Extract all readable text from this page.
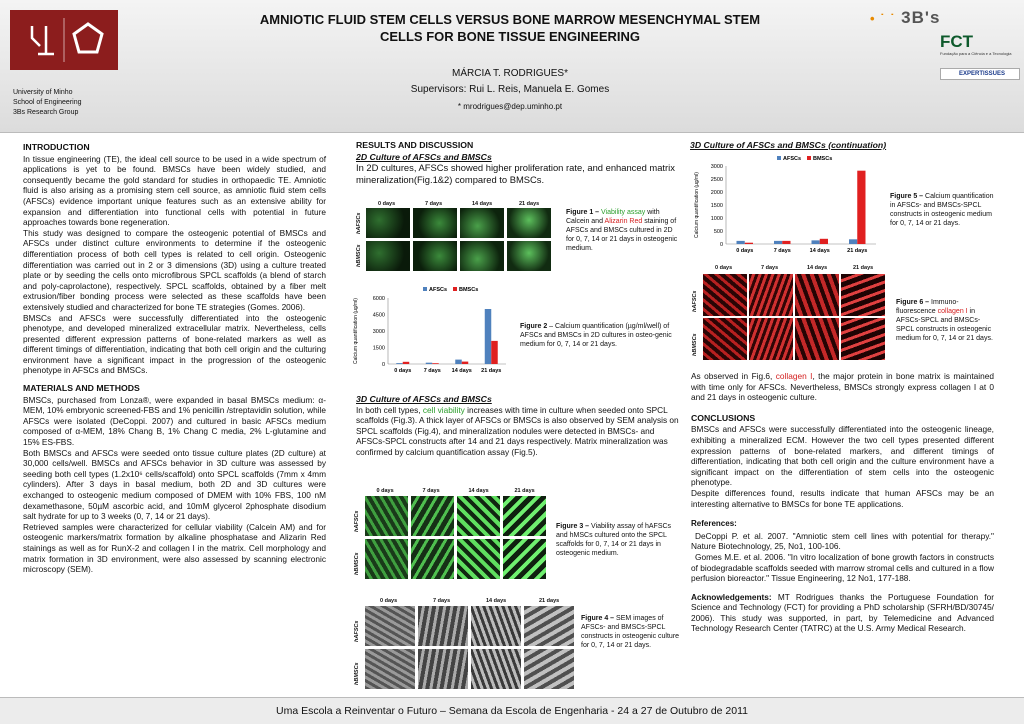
University of Minho
School of Engineering
3Bs Research Group
AMNIOTIC FLUID STEM CELLS VERSUS BONE MARROW MESENCHYMAL STEM
CELLS FOR BONE TISSUE ENGINEERING
MÁRCIA T. RODRIGUES*
Supervisors: Rui L. Reis, Manuela E. Gomes
* mrodrigues@dep.uminho.pt
• ˙ ˙ 3B's
FCT
Fundação para a Ciência e a Tecnologia
EXPERTISSUES
INTRODUCTION

In tissue engineering (TE), the ideal cell source to be used in a wide spectrum of applications is yet to be found. BMSCs have been widely studied, and consequently became the gold standard for studies in orthopaedic TE. Amniotic fluid is also arising as a promising stem cell source, as amniotic fluid stem cells (AFSCs) evidence important unique features such as an extensive ability for expansion and differentiation into functional cells with potential in future approaches towards bone regeneration.

This study was designed to compare the osteogenic potential of BMSCs and AFSCs under distinct culture environments to determine if the osteogenic differentiation process of both cell types is related to cell origin. Osteogenic differentiation was carried out in 2 or 3 dimensions (3D) using a culture treated plate or by seeding the cells onto microfibrous SPCL scaffolds (a blend of starch and poly-caprolactone), respectively. SPCL scaffolds, obtained by a fiber melt extrusion/fiber bonding process were selected as these scaffolds have been extensively studied and characterized for bone TE strategies (Gomes. 2006).

BMSCs and AFSCs were successfully differentiated into the osteogenic phenotype, and developed mineralized extracellular matrix. Nevertheless, cells presented different expression patterns of bone-related markers as well as different timings of differentiation, indicating that both cell origin and the culturing environment have a significant impact in the progression of the osteogenic phenotype in AFSCs and BMSCs.

MATERIALS AND METHODS

BMSCs, purchased from Lonza®, were expanded in basal BMSCs medium: α-MEM, 10% embryonic screened-FBS and 1% penicillin /streptavidin solution, while AFSCs were isolated (DeCoppi. 2007) and cultured in basic AFSCs medium composed of α-MEM, 18% Chang B, 1% Chang C media, 2% L-glutamine and 15% ES-FBS.

Both BMSCs and AFSCs were seeded onto tissue culture plates (2D culture) at 30,000 cells/well. BMSCs and AFSCs behavior in 3D culture was assessed by seeding both cell types (1.2x10⁶ cells/scaffold) onto SPCL scaffolds (7mm x 4mm cylinders). After 3 days in basal medium, both 2D and 3D cultures were exchanged to osteogenic medium composed of DMEM with 10% FBS, 100 nM dexamethasone, 50µM ascorbic acid, and 10mM glycerol 2phosphate disodium salt hydrate for up to 3 weeks (0, 7, 14 or 21 days).

Retrieved samples were characterized for cellular viability (Calcein AM) and for osteogenic markers/matrix formation by alkaline phosphatase and Alizarin Red stainings as well as for RunX-2 and collagen I in the matrix. Cell morphology and matrix formation in 3D environment, were also assessed by scanning electronic microscopy (SEM).

RESULTS AND DISCUSSION
2D Culture of AFSCs and BMSCs

In 2D cultures, AFSCs showed higher proliferation rate, and enhanced matrix mineralization(Fig.1&2) compared to BMSCs.

0 days	7 days	14 days	21 days
hAFSCs
hBMSCs
Figure 1 – Viability assay with Calcein and Alizarin Red staining of AFSCs and BMSCs cultured in 2D for 0, 7, 14 or 21 days in osteogenic medium.
0
1500
3000
4500
6000
0 days 7 days 14 days 21 days
AFSCs BMSCs
Calcium quantification (µg/ml)	Figure 2 – Calcium quantification (µg/ml/well) of AFSCs and BMSCs in 2D cultures in osteo-genic medium for 0, 7, 14 or 21 days.
3D Culture of AFSCs and BMSCs

In both cell types, cell viability increases with time in culture when seeded onto SPCL scaffolds (Fig.3). A thick layer of AFSCs or BMSCs is also observed by SEM analysis on SPCL scaffolds (Fig.4), and mineralization nodules were detected in BMSCs- and AFSCs-SPCL constructs after 14 and 21 days respectively. Matrix mineralization was confirmed by calcium quantification assay (Fig.5).

0 days	7 days	14 days	21 days
hAFSCs
hBMSCs
Figure 3 – Viability assay of hAFSCs and hMSCs cultured onto the SPCL scaffolds for 0, 7, 14 or 21 days in osteogenic medium.
0 days	7 days	14 days	21 days
hAFSCs
hBMSCs
Figure 4 – SEM images of AFSCs- and BMSCs-SPCL constructs in osteogenic culture for 0, 7, 14 or 21 days.
3D Culture of AFSCs and BMSCs (continuation)
0
500
1000
1500
2000
2500
3000
0 days	7 days	14 days	21 days
AFSCs BMSCs
Calcium quantification (µg/ml)	Figure 5 – Calcium quantification in AFSCs- and BMSCs-SPCL constructs in osteogenic medium for 0, 7, 14 or 21 days.
0 days	7 days	14 days	21 days
hAFSCs
hBMSCs
Figure 6 – Immuno-fluorescence collagen I in AFSCs-SPCL and BMSCs-SPCL constructs in osteogenic medium for 0, 7, 14 or 21 days.

As observed in Fig.6, collagen I, the major protein in bone matrix is maintained with time only for AFSCs. Nevertheless, BMSCs strongly express collagen I at 0 and 21 days in osteogenic culture.

CONCLUSIONS

BMSCs and AFSCs were successfully differentiated into the osteogenic lineage, exhibiting a mineralized ECM. However the two cell types presented different expression patterns of bone-related markers, and different timings of differentiation, indicating that both cell origin and the culture environment have a significant impact on the differentiation of stem cells into the osteogenic phenotype.

Despite differences found, results indicate that human AFSCs may be an interesting alternative to BMSCs for bone TE applications.

References:

DeCoppi P. et al. 2007. "Amniotic stem cell lines with potential for therapy." Nature Biotechnology, 25, No1, 100-106.

Gomes M.E. et al. 2006. "In vitro localization of bone growth factors in constructs of biodegradable scaffolds seeded with marrow stromal cells and cultured in a flow perfusion bioreactor." Tissue Engineering, 12 No1, 177-188.

Acknowledgements: MT Rodrigues thanks the Portuguese Foundation for Science and Technology (FCT) for providing a PhD scholarship (SFRH/BD/30745/ 2006). This study was supported, in part, by Telemedicine and Advanced Technology Research Center (TATRC) at the U.S. Army Medical Research.

Uma Escola a Reinventar o Futuro – Semana da Escola de Engenharia - 24 a 27 de Outubro de 2011
